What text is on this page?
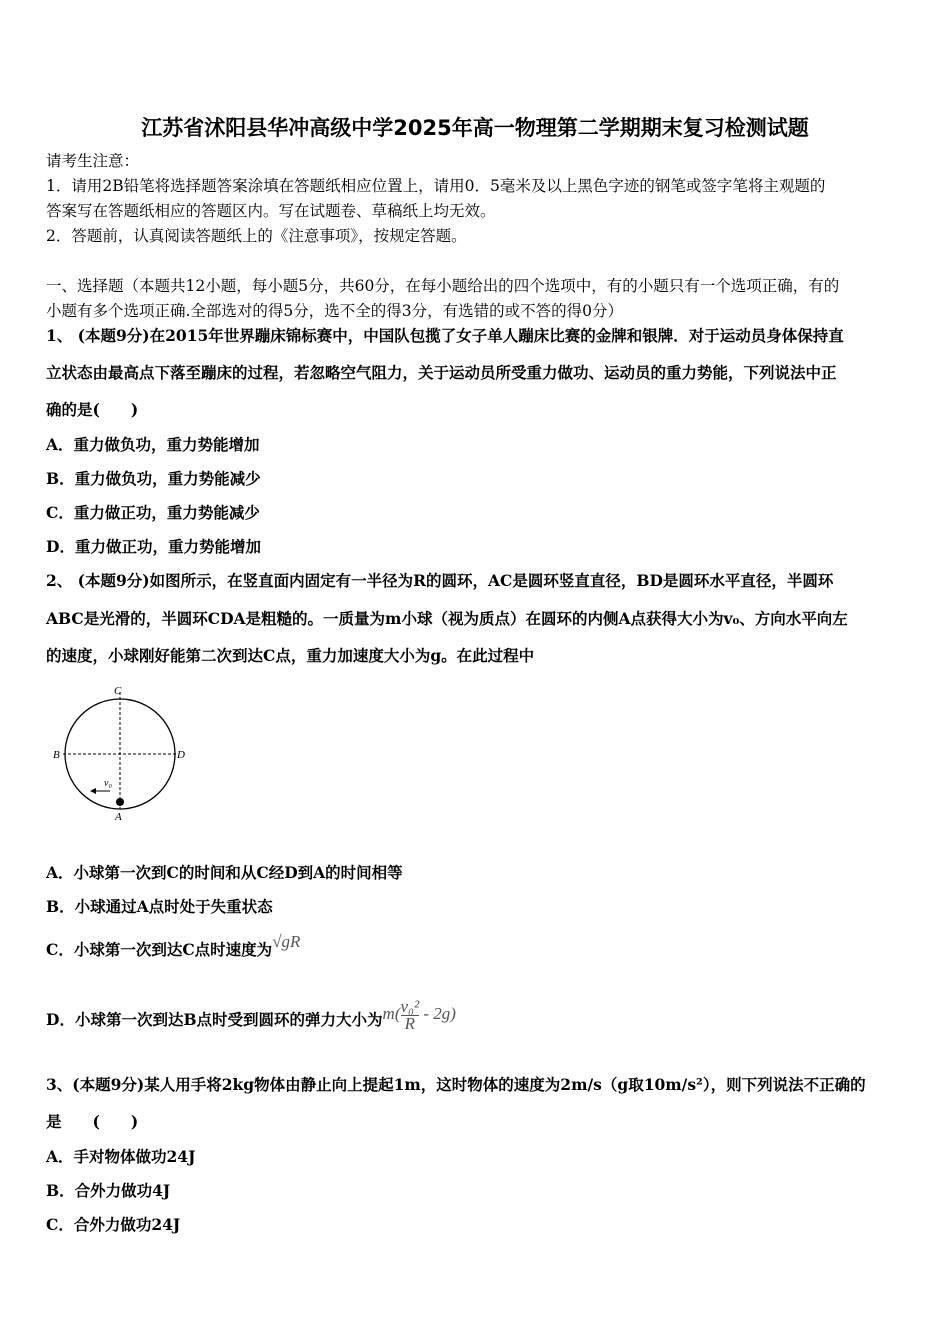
江苏省沭阳县华冲高级中学2025年高一物理第二学期期末复习检测试题
请考生注意：
1．请用2B铅笔将选择题答案涂填在答题纸相应位置上，请用0．5毫米及以上黑色字迹的钢笔或签字笔将主观题的
答案写在答题纸相应的答题区内。写在试题卷、草稿纸上均无效。
2．答题前，认真阅读答题纸上的《注意事项》，按规定答题。
一、选择题（本题共12小题，每小题5分，共60分，在每小题给出的四个选项中，有的小题只有一个选项正确，有的
小题有多个选项正确.全部选对的得5分，选不全的得3分，有选错的或不答的得0分）
1、 (本题9分)在2015年世界蹦床锦标赛中，中国队包揽了女子单人蹦床比赛的金牌和银牌．对于运动员身体保持直
立状态由最高点下落至蹦床的过程，若忽略空气阻力，关于运动员所受重力做功、运动员的重力势能，下列说法中正
确的是(　　)
A．重力做负功，重力势能增加
B．重力做负功，重力势能减少
C．重力做正功，重力势能减少
D．重力做正功，重力势能增加
2、 (本题9分)如图所示，在竖直面内固定有一半径为R的圆环，AC是圆环竖直直径，BD是圆环水平直径，半圆环
ABC是光滑的，半圆环CDA是粗糙的。一质量为m小球（视为质点）在圆环的内侧A点获得大小为v₀、方向水平向左
的速度，小球刚好能第二次到达C点，重力加速度大小为g。在此过程中
C
B	D
A
v₀
A．小球第一次到C的时间和从C经D到A的时间相等
B．小球通过A点时处于失重状态
C．小球第一次到达C点时速度为√gR
D．小球第一次到达B点时受到圆环的弹力大小为$m( \frac{\text{v₀²}}{R} - 2g)$
3、(本题9分)某人用手将2kg物体由静止向上提起1m，这时物体的速度为2m/s（g取10m/s²），则下列说法不正确的
是　　(　　)
A．手对物体做功24J
B．合外力做功4J
C．合外力做功24J
